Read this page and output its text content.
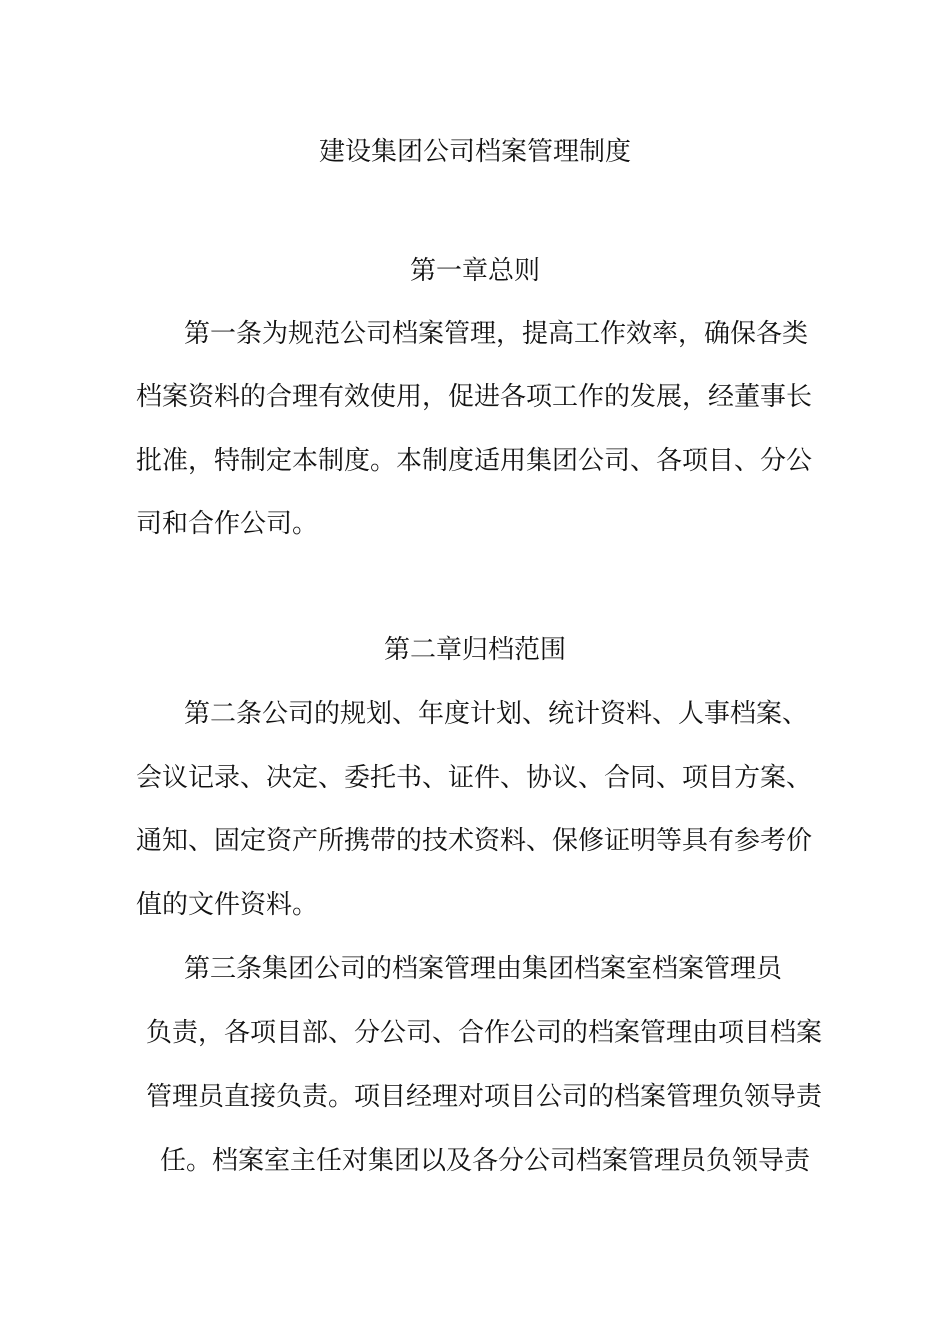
建设集团公司档案管理制度
第一章总则
第一条为规范公司档案管理，提高工作效率，确保各类
档案资料的合理有效使用，促进各项工作的发展，经董事长
批准，特制定本制度。本制度适用集团公司、各项目、分公
司和合作公司。
第二章归档范围
第二条公司的规划、年度计划、统计资料、人事档案、
会议记录、决定、委托书、证件、协议、合同、项目方案、
通知、固定资产所携带的技术资料、保修证明等具有参考价
值的文件资料。
第三条集团公司的档案管理由集团档案室档案管理员
负责，各项目部、分公司、合作公司的档案管理由项目档案
管理员直接负责。项目经理对项目公司的档案管理负领导责
任。档案室主任对集团以及各分公司档案管理员负领导责
